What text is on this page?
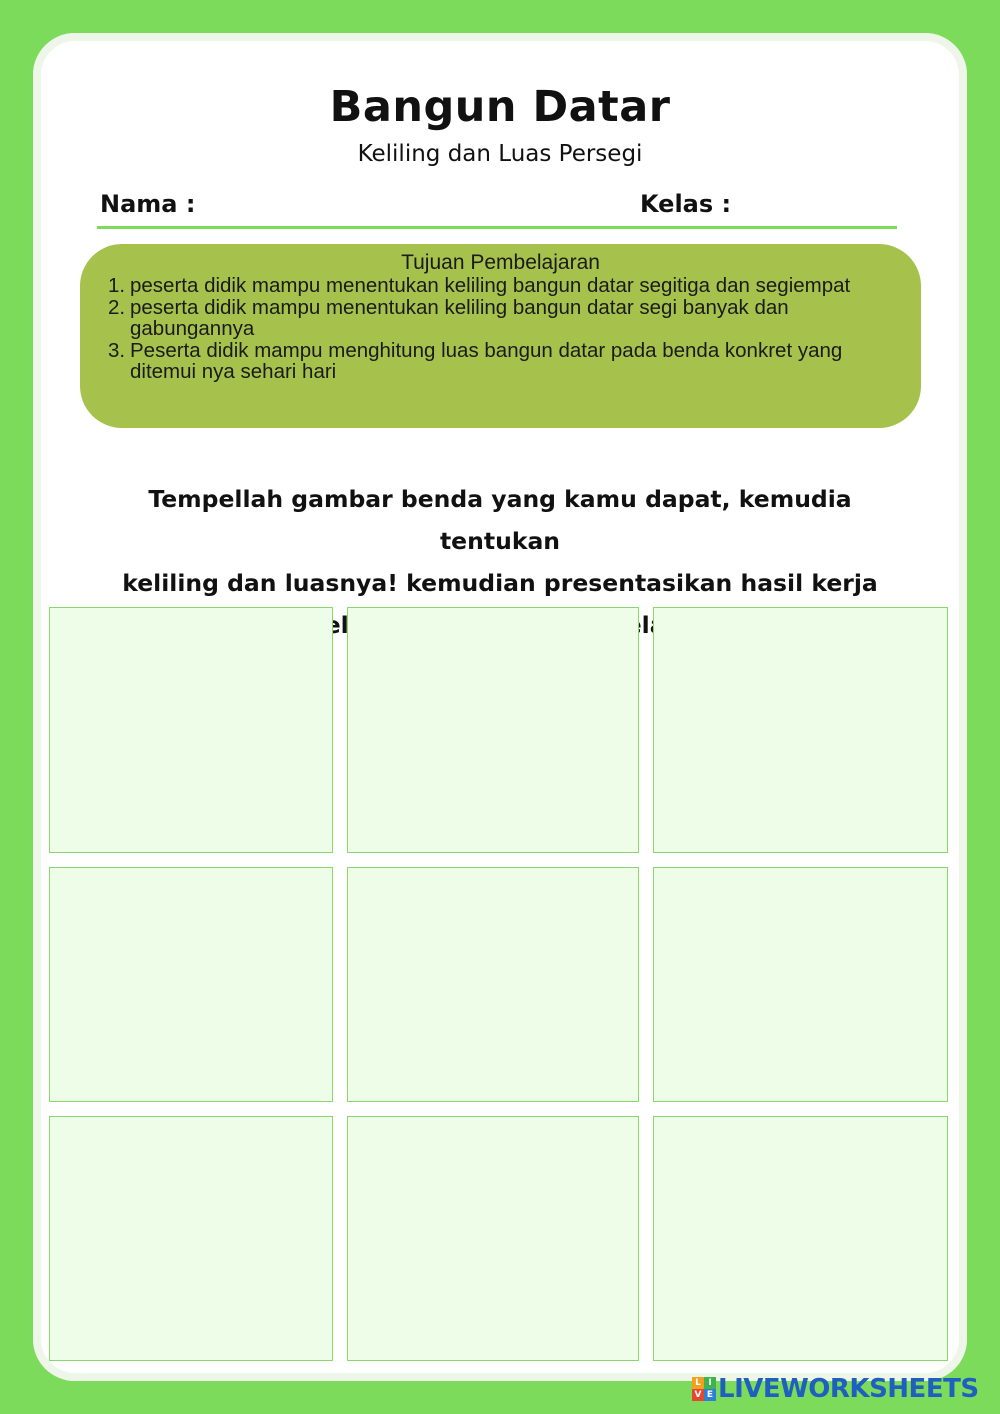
Bangun Datar
Keliling dan Luas Persegi
Nama :	Kelas :
Tujuan Pembelajaran
1. peserta didik mampu menentukan keliling bangun datar segitiga dan segiempat
2. peserta didik mampu menentukan keliling bangun datar segi banyak dan gabungannya
3. Peserta didik mampu menghitung luas bangun datar pada benda konkret yang ditemui nya sehari hari
Tempellah gambar benda yang kamu dapat, kemudia tentukan
keliling dan luasnya! kemudian presentasikan hasil kerja
kelas!
L I
V E LIVEWORKSHEETS
